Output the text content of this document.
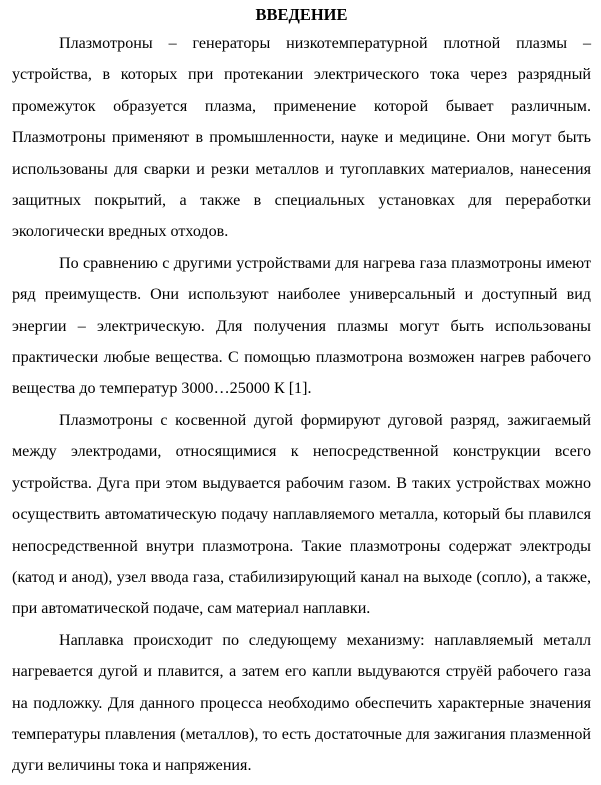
ВВЕДЕНИЕ

Плазмотроны – генераторы низкотемпературной плотной плазмы – устройства, в которых при протекании электрического тока через разрядный промежуток образуется плазма, применение которой бывает различным. Плазмотроны применяют в промышленности, науке и медицине. Они могут быть использованы для сварки и резки металлов и тугоплавких материалов, нанесения защитных покрытий, а также в специальных установках для переработки экологически вредных отходов.

По сравнению с другими устройствами для нагрева газа плазмотроны имеют ряд преимуществ. Они используют наиболее универсальный и доступный вид энергии – электрическую. Для получения плазмы могут быть использованы практически любые вещества. С помощью плазмотрона возможен нагрев рабочего вещества до температур 3000…25000 К [1].

Плазмотроны с косвенной дугой формируют дуговой разряд, зажигаемый между электродами, относящимися к непосредственной конструкции всего устройства. Дуга при этом выдувается рабочим газом. В таких устройствах можно осуществить автоматическую подачу наплавляемого металла, который бы плавился непосредственной внутри плазмотрона. Такие плазмотроны содержат электроды (катод и анод), узел ввода газа, стабилизирующий канал на выходе (сопло), а также, при автоматической подаче, сам материал наплавки.

Наплавка происходит по следующему механизму: наплавляемый металл нагревается дугой и плавится, а затем его капли выдуваются струёй рабочего газа на подложку. Для данного процесса необходимо обеспечить характерные значения температуры плавления (металлов), то есть достаточные для зажигания плазменной дуги величины тока и напряжения.
